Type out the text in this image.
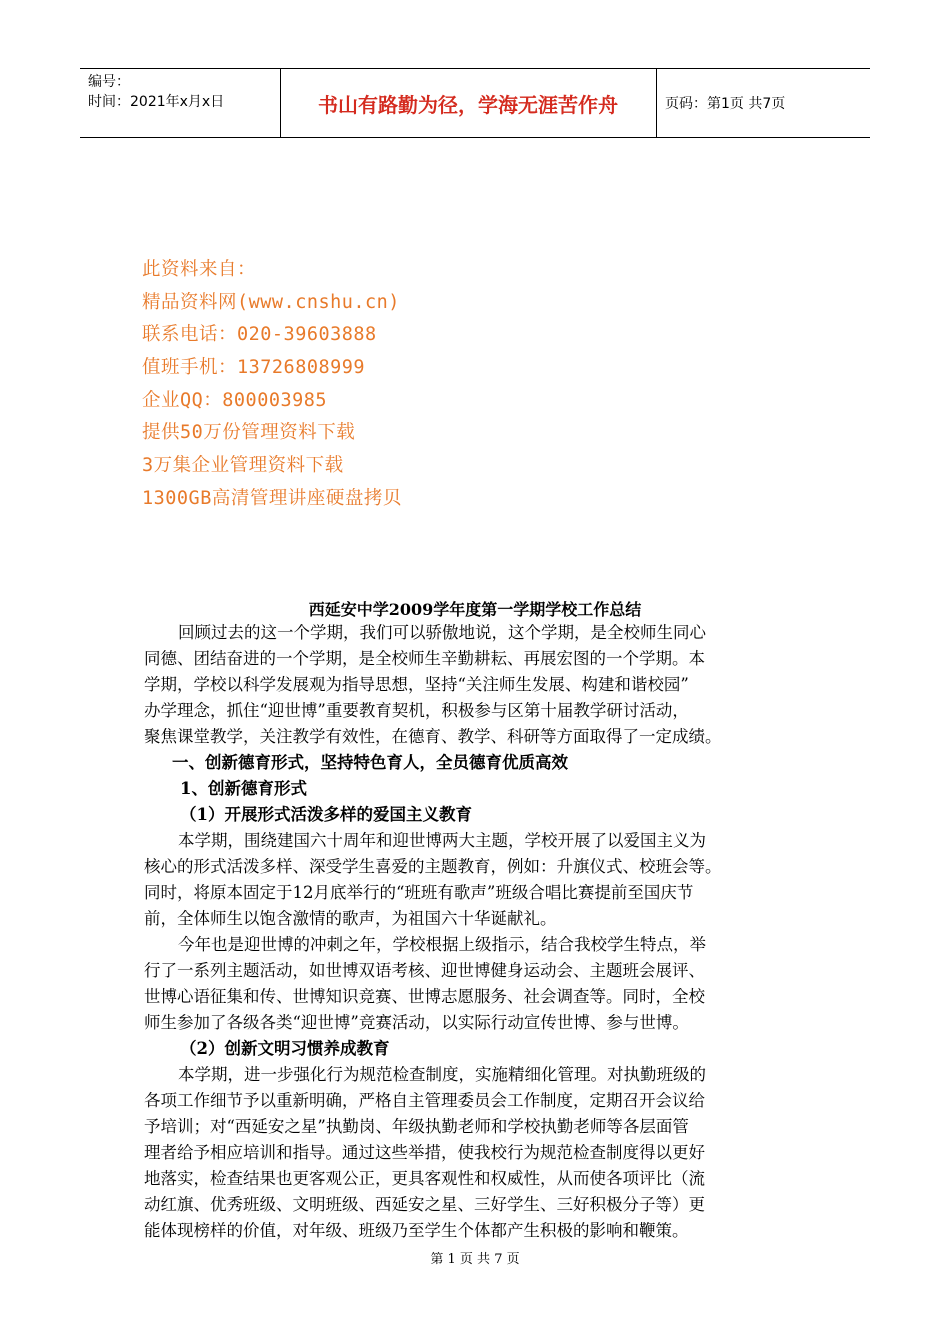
编号：
时间：2021年x月x日	书山有路勤为径，学海无涯苦作舟	页码：第1页 共7页
此资料来自：
精品资料网(www.cnshu.cn)
联系电话：020-39603888
值班手机：13726808999
企业QQ：800003985
提供50万份管理资料下载
3万集企业管理资料下载
1300GB高清管理讲座硬盘拷贝
西延安中学2009学年度第一学期学校工作总结
回顾过去的这一个学期，我们可以骄傲地说，这个学期，是全校师生同心
同德、团结奋进的一个学期，是全校师生辛勤耕耘、再展宏图的一个学期。本
学期，学校以科学发展观为指导思想，坚持“关注师生发展、构建和谐校园”
办学理念，抓住“迎世博”重要教育契机，积极参与区第十届教学研讨活动，
聚焦课堂教学，关注教学有效性，在德育、教学、科研等方面取得了一定成绩。
一、创新德育形式，坚持特色育人，全员德育优质高效
1、创新德育形式
（1）开展形式活泼多样的爱国主义教育
本学期，围绕建国六十周年和迎世博两大主题，学校开展了以爱国主义为
核心的形式活泼多样、深受学生喜爱的主题教育，例如：升旗仪式、校班会等。
同时，将原本固定于12月底举行的“班班有歌声”班级合唱比赛提前至国庆节
前，全体师生以饱含激情的歌声，为祖国六十华诞献礼。
今年也是迎世博的冲刺之年，学校根据上级指示，结合我校学生特点，举
行了一系列主题活动，如世博双语考核、迎世博健身运动会、主题班会展评、
世博心语征集和传、世博知识竞赛、世博志愿服务、社会调查等。同时，全校
师生参加了各级各类“迎世博”竞赛活动，以实际行动宣传世博、参与世博。
（2）创新文明习惯养成教育
本学期，进一步强化行为规范检查制度，实施精细化管理。对执勤班级的
各项工作细节予以重新明确，严格自主管理委员会工作制度，定期召开会议给
予培训；对“西延安之星”执勤岗、年级执勤老师和学校执勤老师等各层面管
理者给予相应培训和指导。通过这些举措，使我校行为规范检查制度得以更好
地落实，检查结果也更客观公正，更具客观性和权威性，从而使各项评比（流
动红旗、优秀班级、文明班级、西延安之星、三好学生、三好积极分子等）更
能体现榜样的价值，对年级、班级乃至学生个体都产生积极的影响和鞭策。
第 1 页 共 7 页
